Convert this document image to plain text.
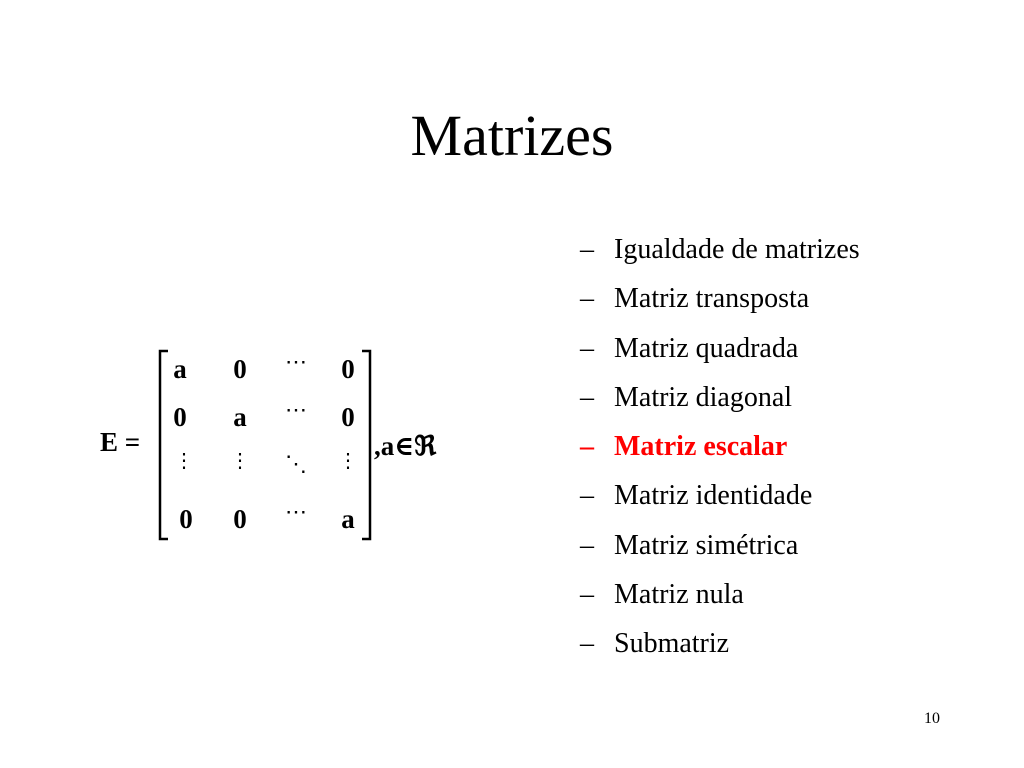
Matrizes
E =
a	0	⋯	0
0	a	⋯	0
⋮	⋮	⋱	⋮
0	0	⋯	a
,a∈ℜ
– Igualdade de matrizes
– Matriz transposta
– Matriz quadrada
– Matriz diagonal
– Matriz escalar
– Matriz identidade
– Matriz simétrica
– Matriz nula
– Submatriz
10
